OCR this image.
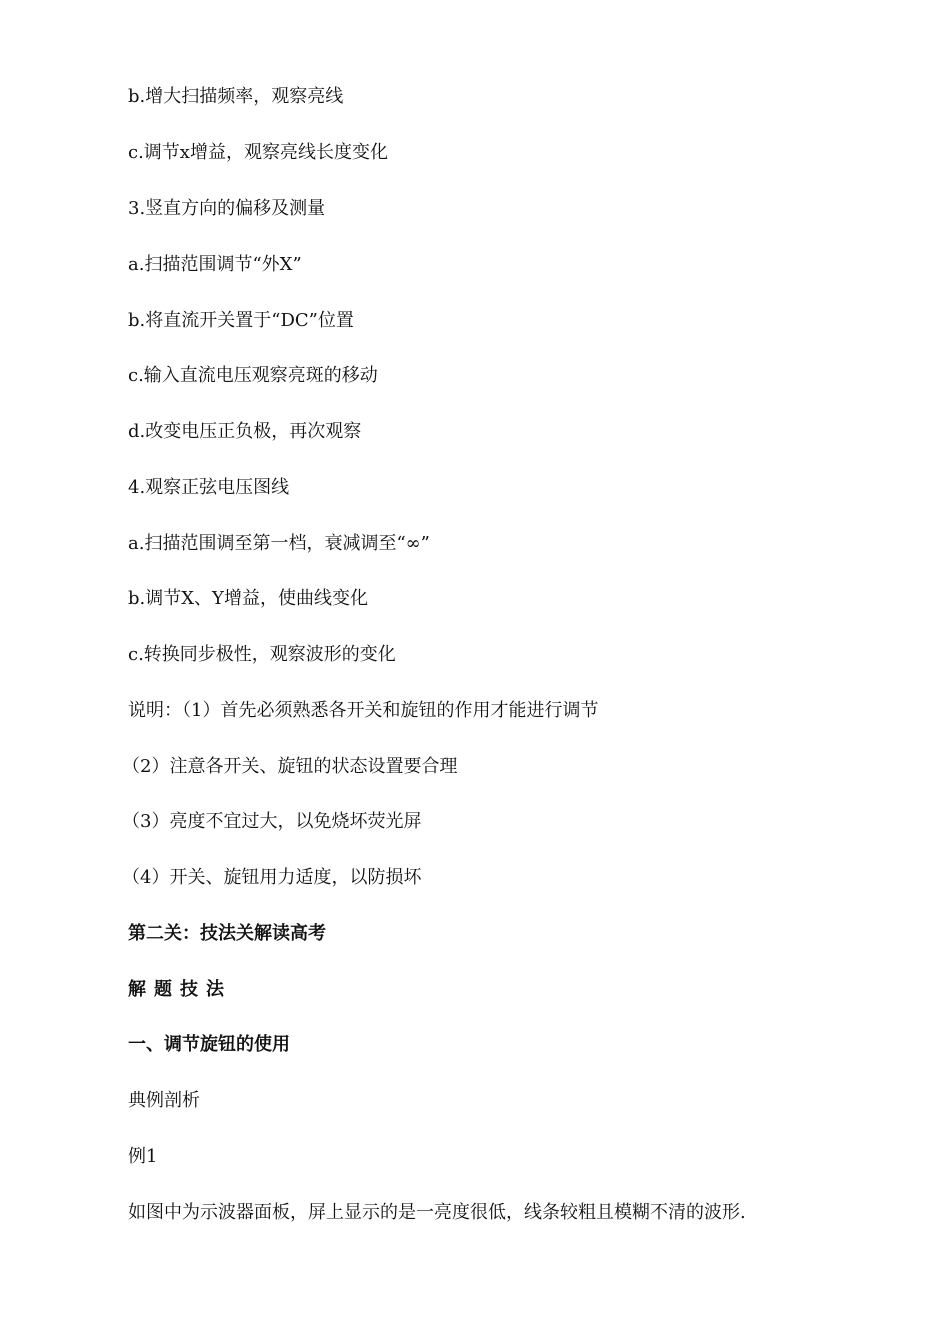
b.增大扫描频率，观察亮线

c.调节x增益，观察亮线长度变化

3.竖直方向的偏移及测量

a.扫描范围调节“外X”

b.将直流开关置于“DC”位置

c.输入直流电压观察亮斑的移动

d.改变电压正负极，再次观察

4.观察正弦电压图线

a.扫描范围调至第一档，衰减调至“∞”

b.调节X、Y增益，使曲线变化

c.转换同步极性，观察波形的变化

说明：（1）首先必须熟悉各开关和旋钮的作用才能进行调节

（2）注意各开关、旋钮的状态设置要合理

（3）亮度不宜过大，以免烧坏荧光屏

（4）开关、旋钮用力适度，以防损坏

第二关：技法关解读高考

解题技法

一、调节旋钮的使用

典例剖析

例1

如图中为示波器面板，屏上显示的是一亮度很低，线条较粗且模糊不清的波形.
